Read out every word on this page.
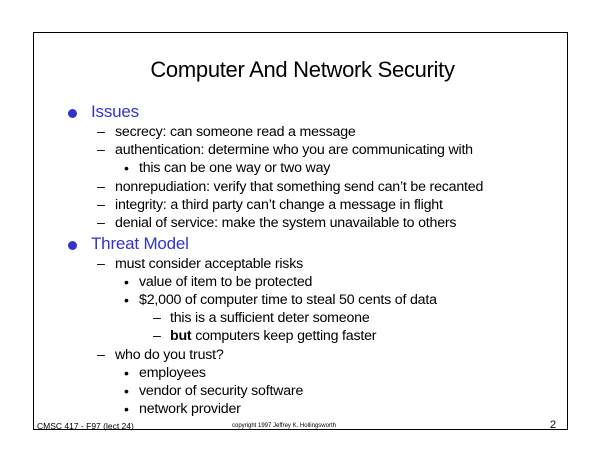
Computer And Network Security
Issues
– secrecy: can someone read a message
– authentication: determine who you are communicating with
• this can be one way or two way
– nonrepudiation: verify that something send can’t be recanted
– integrity: a third party can’t change a message in flight
– denial of service: make the system unavailable to others
Threat Model
– must consider acceptable risks
• value of item to be protected
• $2,000 of computer time to steal 50 cents of data
– this is a sufficient deter someone
– but computers keep getting faster
– who do you trust?
• employees
• vendor of security software
• network provider
CMSC 417 - F97 (lect 24)	copyright 1997 Jeffrey K. Hollingsworth	2
